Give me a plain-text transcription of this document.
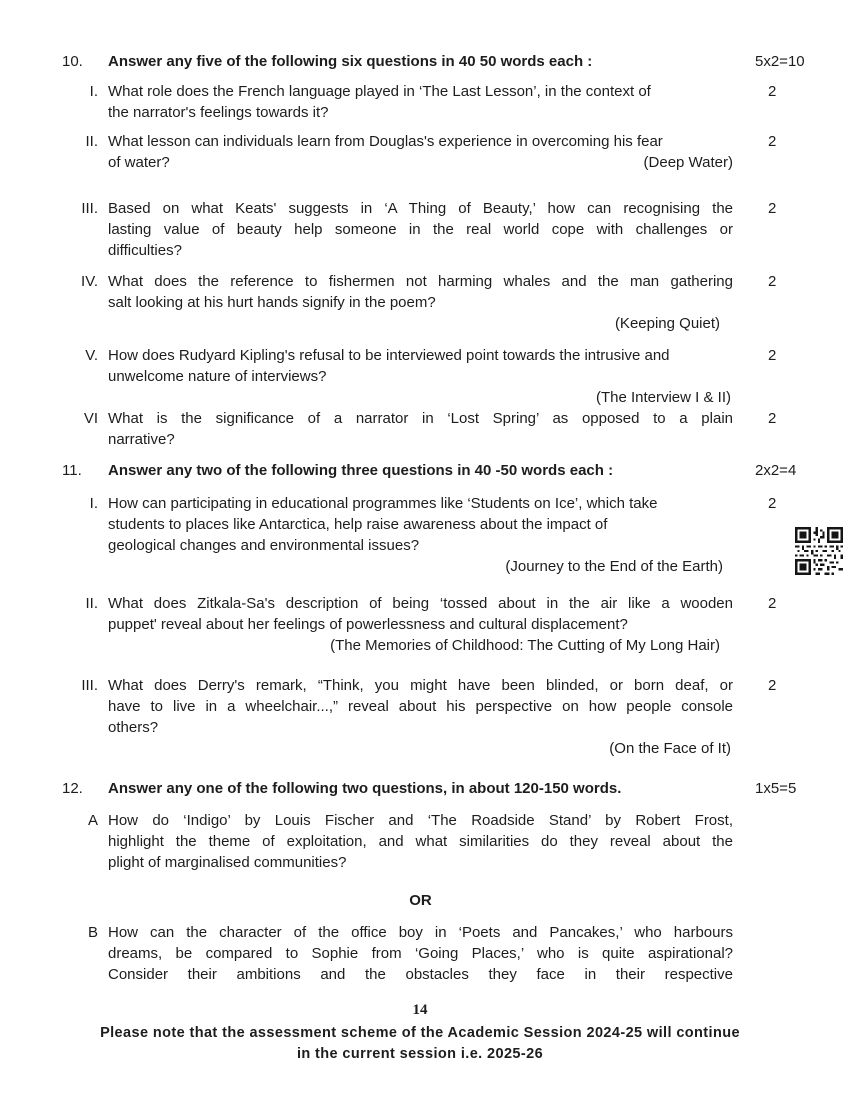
10.	Answer any five of the following six questions in 40 50 words each :	5x2=10
I. What role does the French language played in ‘The Last Lesson’, in the context of
the narrator's feelings towards it?
2
II. What lesson can individuals learn from Douglas's experience in overcoming his fear
of water?	(Deep Water)
2
III. Based on what Keats' suggests in ‘A Thing of Beauty,’ how can recognising the
lasting value of beauty help someone in the real world cope with challenges or
difficulties?
2
IV. What does the reference to fishermen not harming whales and the man gathering
salt looking at his hurt hands signify in the poem?
(Keeping Quiet)
2
V. How does Rudyard Kipling's refusal to be interviewed point towards the intrusive and
unwelcome nature of interviews?
(The Interview I & II)
2
VI What is the significance of a narrator in ‘Lost Spring’ as opposed to a plain
narrative?
2
11.	Answer any two of the following three questions in 40 -50 words each :	2x2=4
I. How can participating in educational programmes like ‘Students on Ice’, which take
students to places like Antarctica, help raise awareness about the impact of
geological changes and environmental issues?
(Journey to the End of the Earth)
2
II. What does Zitkala-Sa's description of being ‘tossed about in the air like a wooden
puppet' reveal about her feelings of powerlessness and cultural displacement?
(The Memories of Childhood: The Cutting of My Long Hair)
2
III. What does Derry's remark, “Think, you might have been blinded, or born deaf, or
have to live in a wheelchair...,” reveal about his perspective on how people console
others?
(On the Face of It)
2
12.	Answer any one of the following two questions, in about 120-150 words.	1x5=5
A How do ‘Indigo’ by Louis Fischer and ‘The Roadside Stand’ by Robert Frost,
highlight the theme of exploitation, and what similarities do they reveal about the
plight of marginalised communities?
OR
B How can the character of the office boy in ‘Poets and Pancakes,’ who harbours
dreams, be compared to Sophie from ‘Going Places,’ who is quite aspirational?
Consider their ambitions and the obstacles they face in their respective
14
Please note that the assessment scheme of the Academic Session 2024-25 will continue
in the current session i.e. 2025-26
